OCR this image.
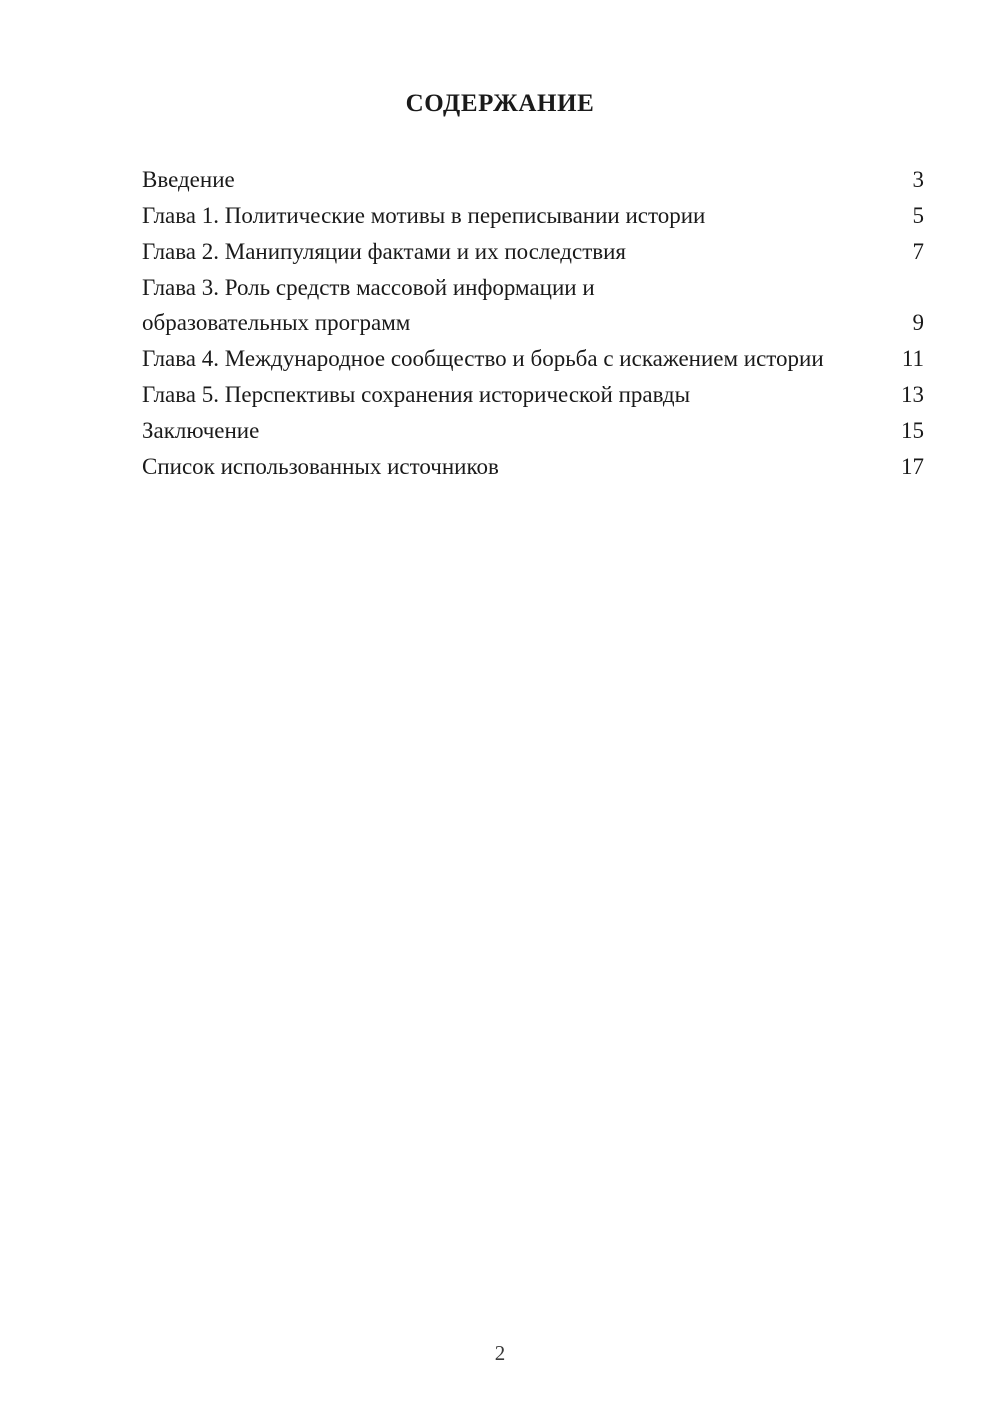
СОДЕРЖАНИЕ
Введение	3
Глава 1. Политические мотивы в переписывании истории	5
Глава 2. Манипуляции фактами и их последствия	7
Глава 3. Роль средств массовой информации и образовательных программ	9
Глава 4. Международное сообщество и борьба с искажением истории	11
Глава 5. Перспективы сохранения исторической правды	13
Заключение	15
Список использованных источников	17
2
